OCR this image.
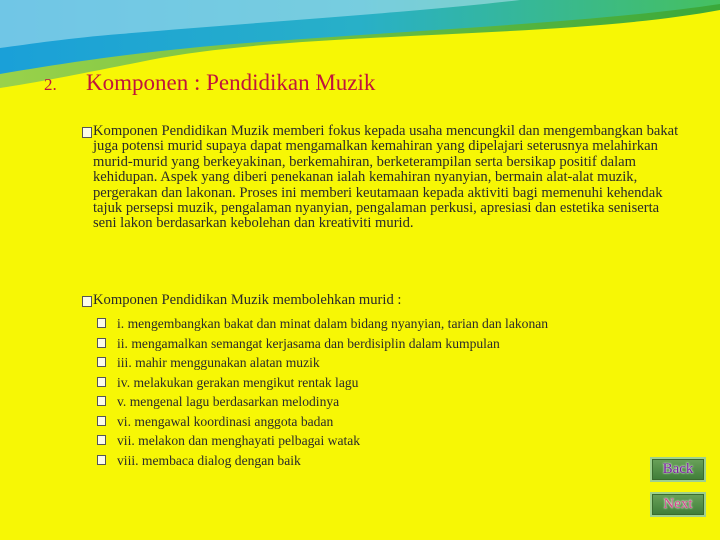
2. Komponen : Pendidikan Muzik
Komponen Pendidikan Muzik memberi fokus kepada usaha mencungkil dan mengembangkan bakat juga potensi murid supaya dapat mengamalkan kemahiran yang dipelajari seterusnya melahirkan murid-murid yang berkeyakinan, berkemahiran, berketerampilan serta bersikap positif dalam kehidupan. Aspek yang diberi penekanan ialah kemahiran nyanyian, bermain alat-alat muzik, pergerakan dan lakonan. Proses ini memberi keutamaan kepada aktiviti bagi memenuhi kehendak tajuk persepsi muzik, pengalaman nyanyian, pengalaman perkusi, apresiasi dan estetika seniserta seni lakon berdasarkan kebolehan dan kreativiti murid.
Komponen Pendidikan Muzik membolehkan murid :
i. mengembangkan bakat dan minat dalam bidang nyanyian, tarian dan lakonan
ii. mengamalkan semangat kerjasama dan berdisiplin dalam kumpulan
iii. mahir menggunakan alatan muzik
iv. melakukan gerakan mengikut rentak lagu
v. mengenal lagu berdasarkan melodinya
vi. mengawal koordinasi anggota badan
vii. melakon dan menghayati pelbagai watak
viii. membaca dialog dengan baik
Back
Next
